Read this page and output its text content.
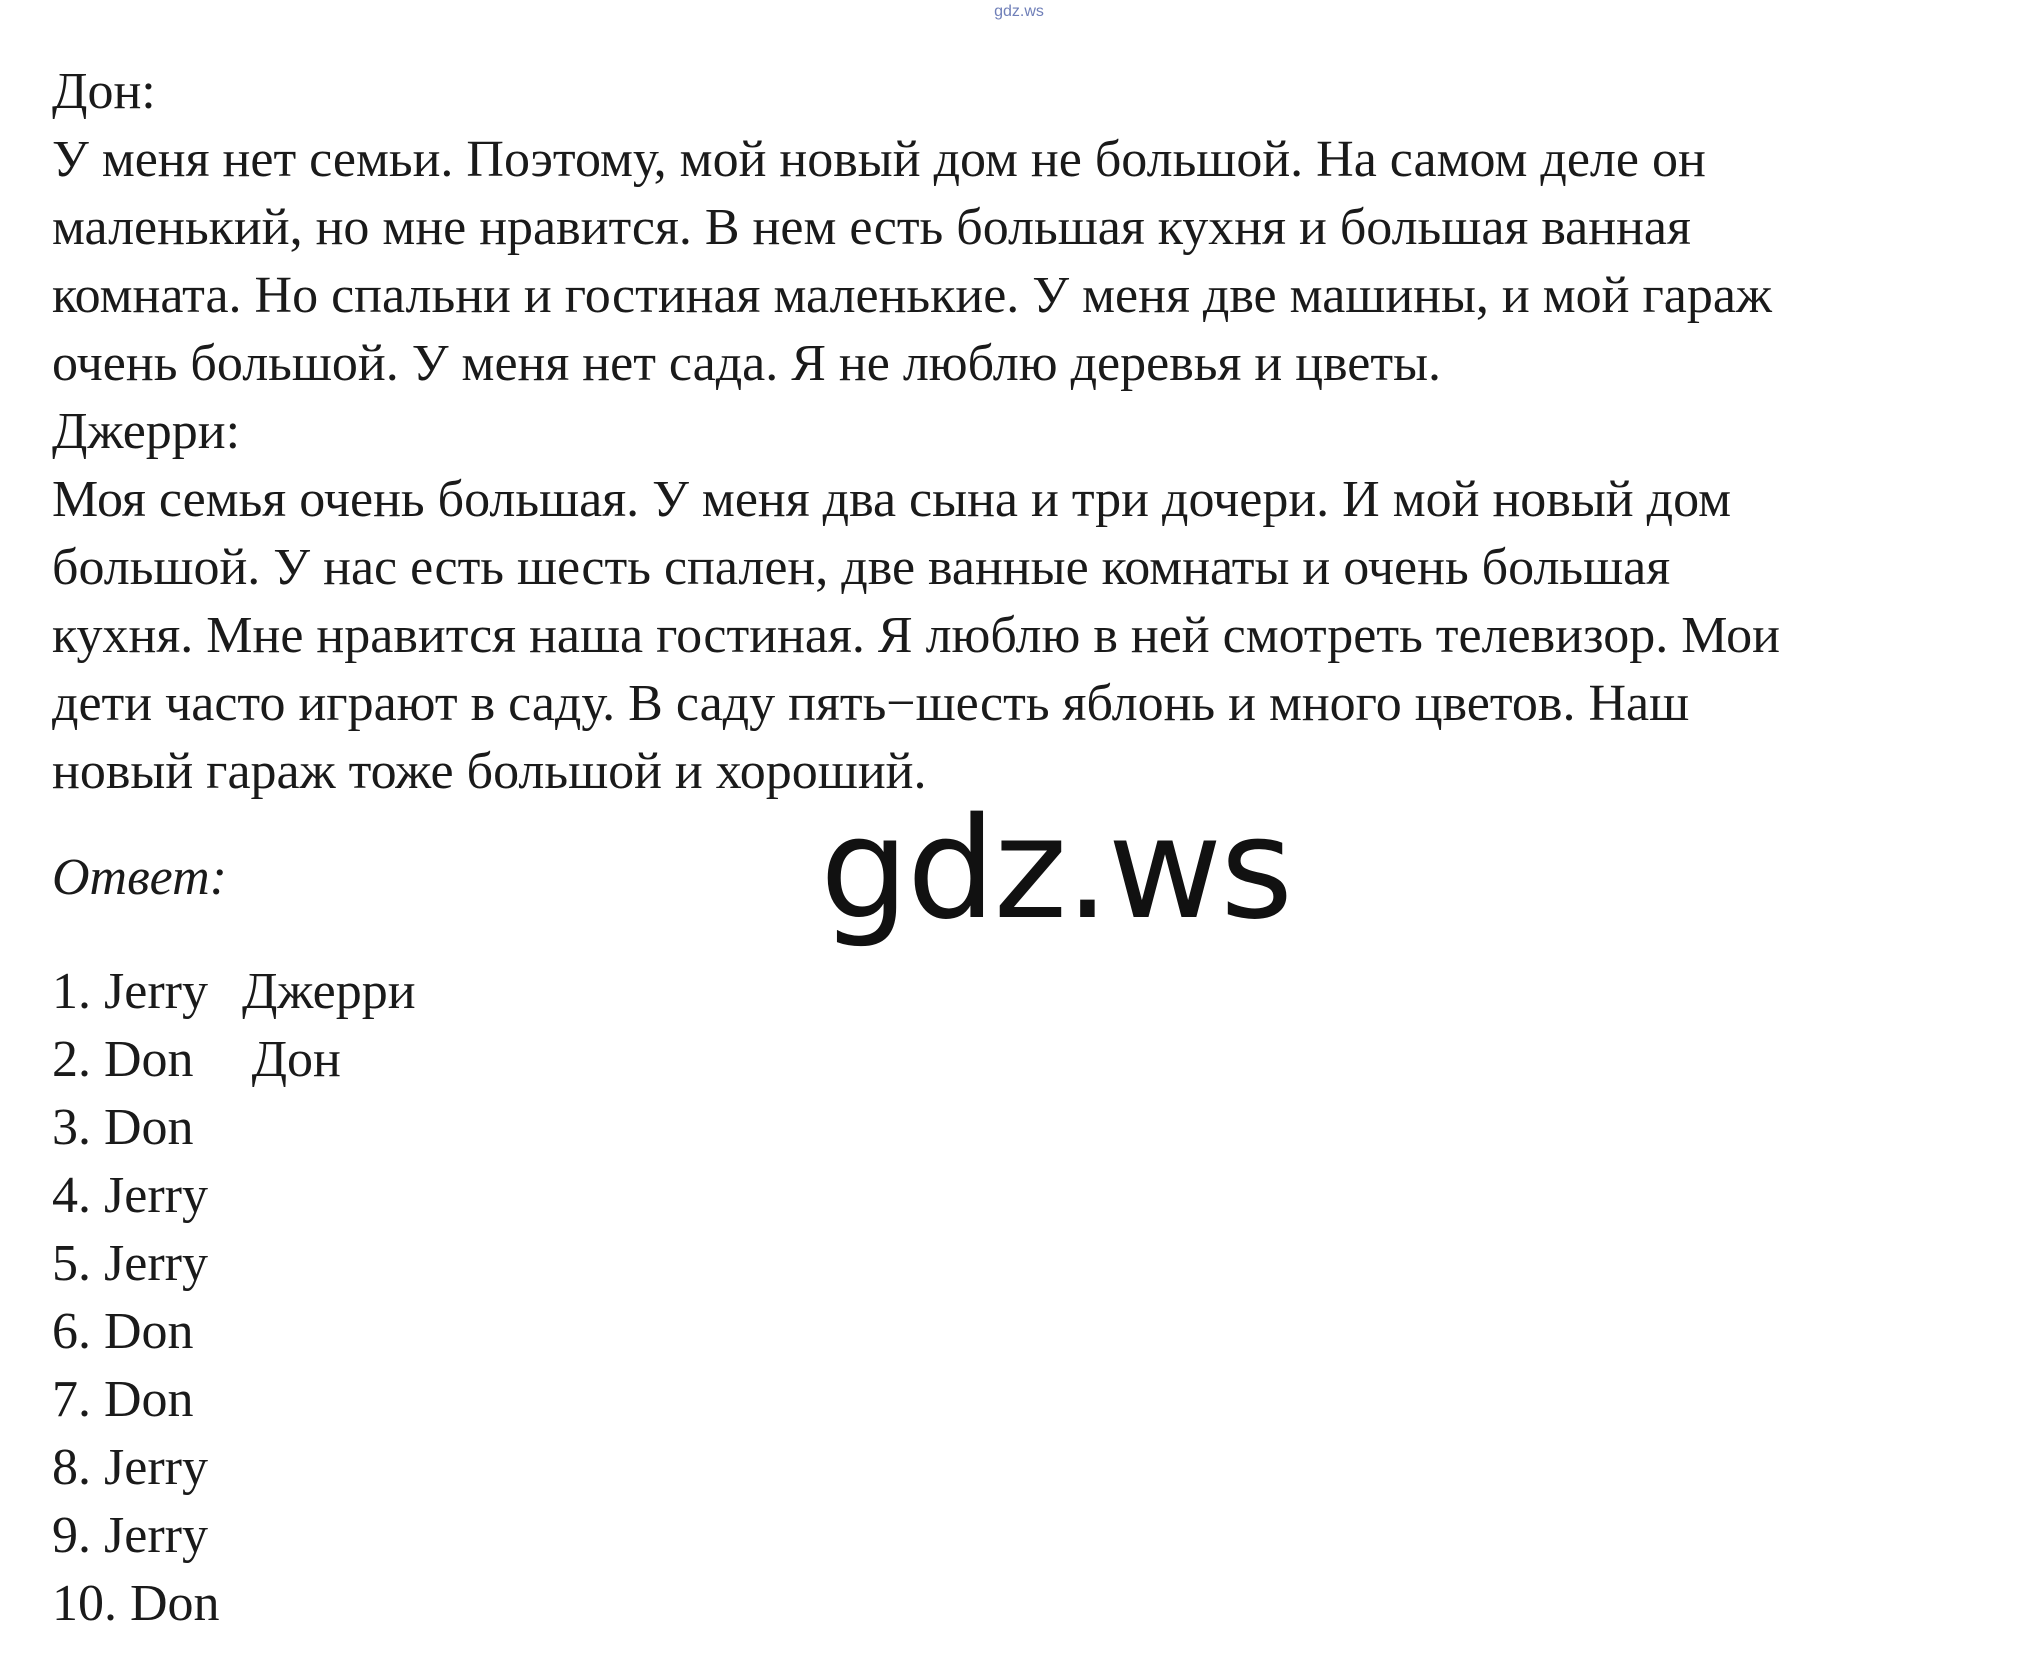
gdz.ws
Дон:
У меня нет семьи. Поэтому, мой новый дом не большой. На самом деле он
маленький, но мне нравится. В нем есть большая кухня и большая ванная
комната. Но спальни и гостиная маленькие. У меня две машины, и мой гараж
очень большой. У меня нет сада. Я не люблю деревья и цветы.
Джерри:
Моя семья очень большая. У меня два сына и три дочери. И мой новый дом
большой. У нас есть шесть спален, две ванные комнаты и очень большая
кухня. Мне нравится наша гостиная. Я люблю в ней смотреть телевизор. Мои
дети часто играют в саду. В саду пять−шесть яблонь и много цветов. Наш
новый гараж тоже большой и хороший.
Ответ:	gdz.ws
1. Jerry Джерри
2. Don Дон
3. Don
4. Jerry
5. Jerry
6. Don
7. Don
8. Jerry
9. Jerry
10. Don
